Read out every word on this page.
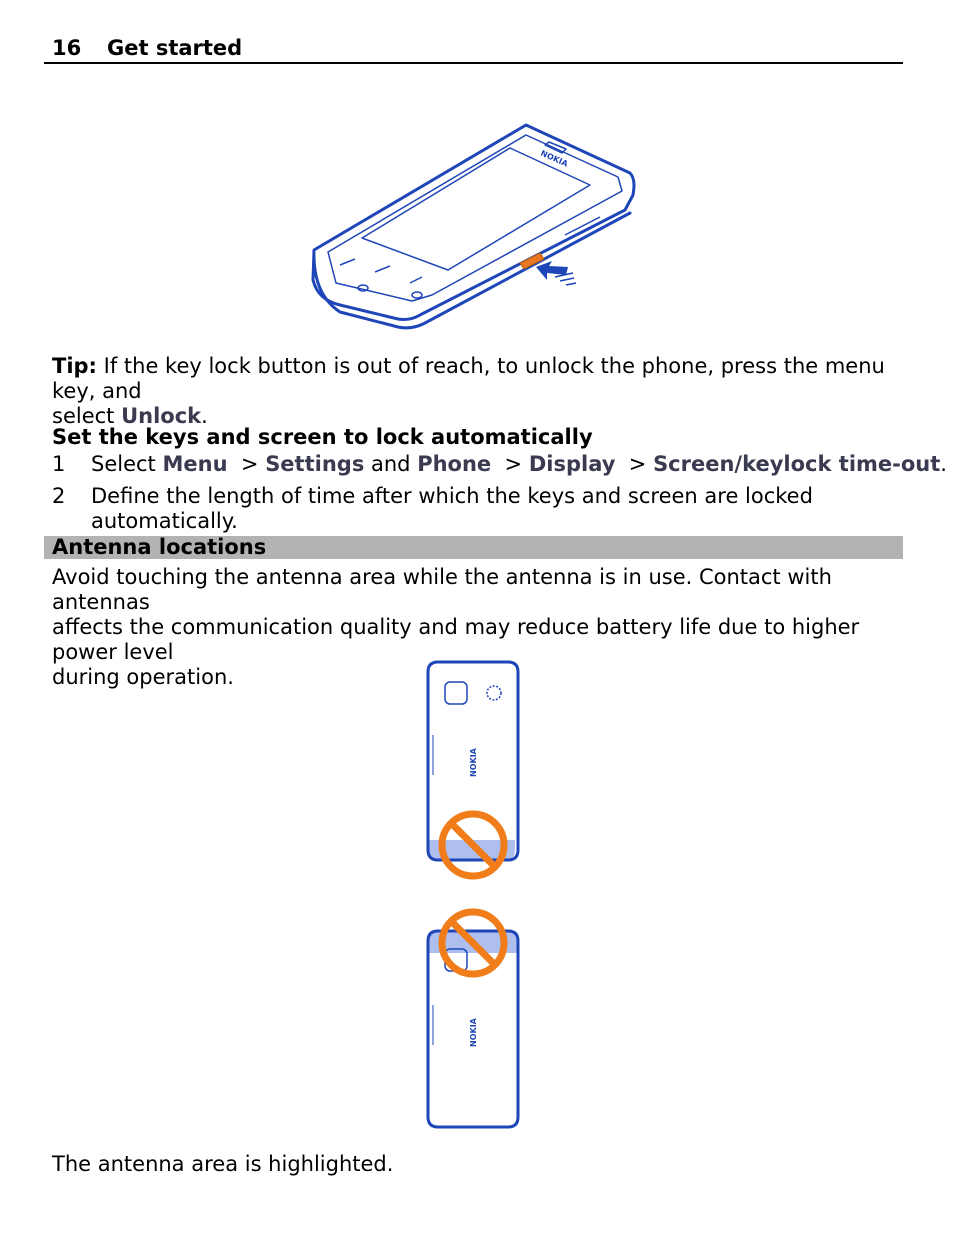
16 Get started
NOKIA
Tip: If the key lock button is out of reach, to unlock the phone, press the menu key, and
select Unlock.
Set the keys and screen to lock automatically
1 Select Menu > Settings and Phone > Display > Screen/keylock time-out.
2 Define the length of time after which the keys and screen are locked automatically.
Antenna locations
Avoid touching the antenna area while the antenna is in use. Contact with antennas
affects the communication quality and may reduce battery life due to higher power level
during operation.
NOKIA
NOKIA
The antenna area is highlighted.
